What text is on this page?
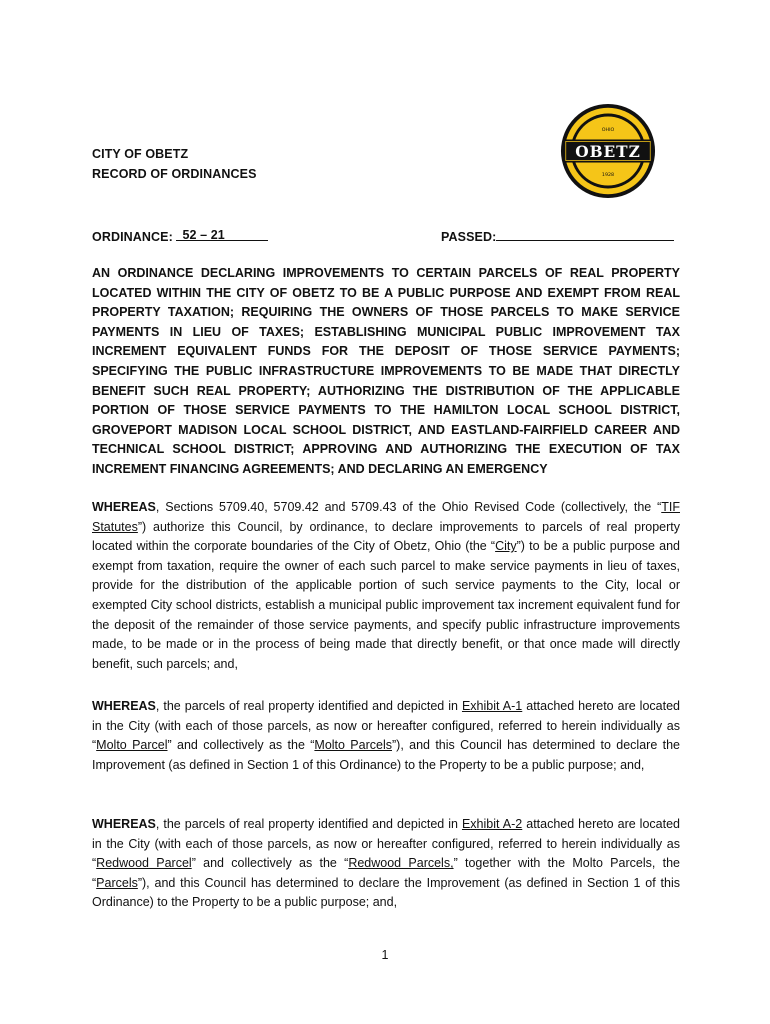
OBETZ
OHIO
1928
CITY OF OBETZ
RECORD OF ORDINANCES
ORDINANCE: 52 – 21	PASSED:
AN ORDINANCE DECLARING IMPROVEMENTS TO CERTAIN PARCELS OF REAL PROPERTY LOCATED WITHIN THE CITY OF OBETZ TO BE A PUBLIC PURPOSE AND EXEMPT FROM REAL PROPERTY TAXATION; REQUIRING THE OWNERS OF THOSE PARCELS TO MAKE SERVICE PAYMENTS IN LIEU OF TAXES; ESTABLISHING MUNICIPAL PUBLIC IMPROVEMENT TAX INCREMENT EQUIVALENT FUNDS FOR THE DEPOSIT OF THOSE SERVICE PAYMENTS; SPECIFYING THE PUBLIC INFRASTRUCTURE IMPROVEMENTS TO BE MADE THAT DIRECTLY BENEFIT SUCH REAL PROPERTY; AUTHORIZING THE DISTRIBUTION OF THE APPLICABLE PORTION OF THOSE SERVICE PAYMENTS TO THE HAMILTON LOCAL SCHOOL DISTRICT, GROVEPORT MADISON LOCAL SCHOOL DISTRICT, AND EASTLAND-FAIRFIELD CAREER AND TECHNICAL SCHOOL DISTRICT; APPROVING AND AUTHORIZING THE EXECUTION OF TAX INCREMENT FINANCING AGREEMENTS; AND DECLARING AN EMERGENCY
WHEREAS, Sections 5709.40, 5709.42 and 5709.43 of the Ohio Revised Code (collectively, the “TIF Statutes”) authorize this Council, by ordinance, to declare improvements to parcels of real property located within the corporate boundaries of the City of Obetz, Ohio (the “City”) to be a public purpose and exempt from taxation, require the owner of each such parcel to make service payments in lieu of taxes, provide for the distribution of the applicable portion of such service payments to the City, local or exempted City school districts, establish a municipal public improvement tax increment equivalent fund for the deposit of the remainder of those service payments, and specify public infrastructure improvements made, to be made or in the process of being made that directly benefit, or that once made will directly benefit, such parcels; and,
WHEREAS, the parcels of real property identified and depicted in Exhibit A-1 attached hereto are located in the City (with each of those parcels, as now or hereafter configured, referred to herein individually as “Molto Parcel” and collectively as the “Molto Parcels”), and this Council has determined to declare the Improvement (as defined in Section 1 of this Ordinance) to the Property to be a public purpose; and,
WHEREAS, the parcels of real property identified and depicted in Exhibit A-2 attached hereto are located in the City (with each of those parcels, as now or hereafter configured, referred to herein individually as “Redwood Parcel” and collectively as the “Redwood Parcels,” together with the Molto Parcels, the “Parcels”), and this Council has determined to declare the Improvement (as defined in Section 1 of this Ordinance) to the Property to be a public purpose; and,
1
